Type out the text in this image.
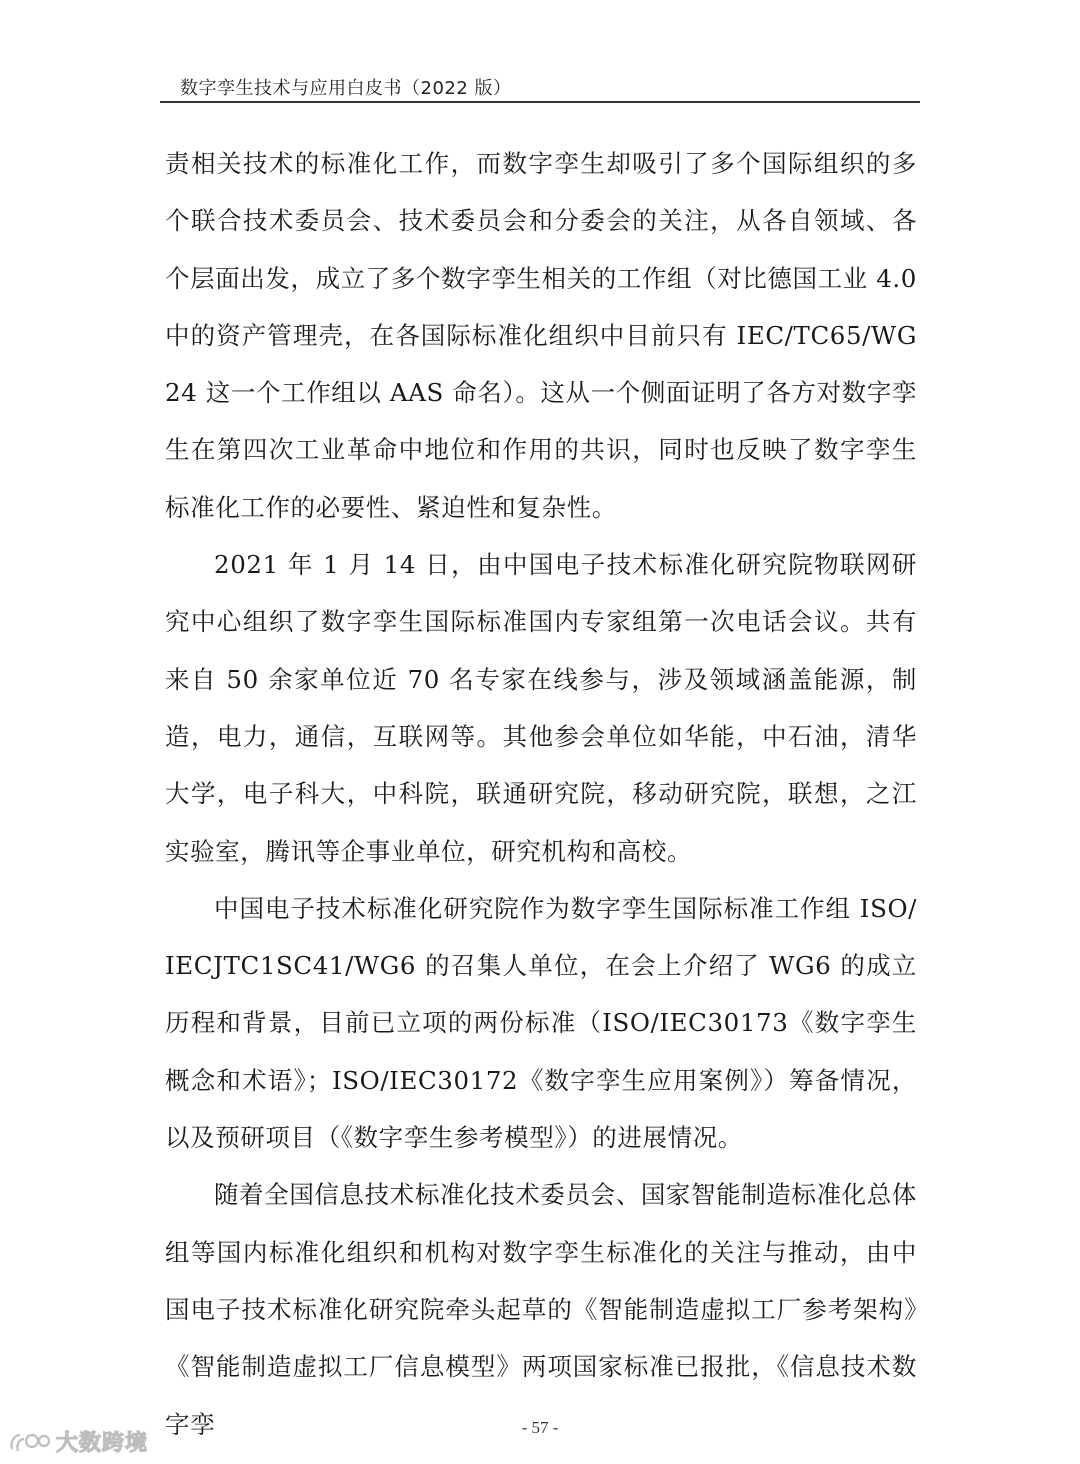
数字孪生技术与应用白皮书（2022 版）

责相关技术的标准化工作，而数字孪生却吸引了多个国际组织的多个联合技术委员会、技术委员会和分委会的关注，从各自领域、各个层面出发，成立了多个数字孪生相关的工作组（对比德国工业 4.0 中的资产管理壳，在各国际标准化组织中目前只有 IEC/TC65/WG24 这一个工作组以 AAS 命名）。这从一个侧面证明了各方对数字孪生在第四次工业革命中地位和作用的共识，同时也反映了数字孪生标准化工作的必要性、紧迫性和复杂性。

2021 年 1 月 14 日，由中国电子技术标准化研究院物联网研究中心组织了数字孪生国际标准国内专家组第一次电话会议。共有来自 50 余家单位近 70 名专家在线参与，涉及领域涵盖能源，制造，电力，通信，互联网等。其他参会单位如华能，中石油，清华大学，电子科大，中科院，联通研究院，移动研究院，联想，之江实验室，腾讯等企事业单位，研究机构和高校。

中国电子技术标准化研究院作为数字孪生国际标准工作组 ISO/IECJTC1SC41/WG6 的召集人单位，在会上介绍了 WG6 的成立历程和背景，目前已立项的两份标准（ISO/IEC30173《数字孪生概念和术语》；ISO/IEC30172《数字孪生应用案例》）筹备情况，以及预研项目（《数字孪生参考模型》）的进展情况。

随着全国信息技术标准化技术委员会、国家智能制造标准化总体组等国内标准化组织和机构对数字孪生标准化的关注与推动，由中国电子技术标准化研究院牵头起草的《智能制造虚拟工厂参考架构》《智能制造虚拟工厂信息模型》两项国家标准已报批，《信息技术数字孪	- 57 -
大数跨境
